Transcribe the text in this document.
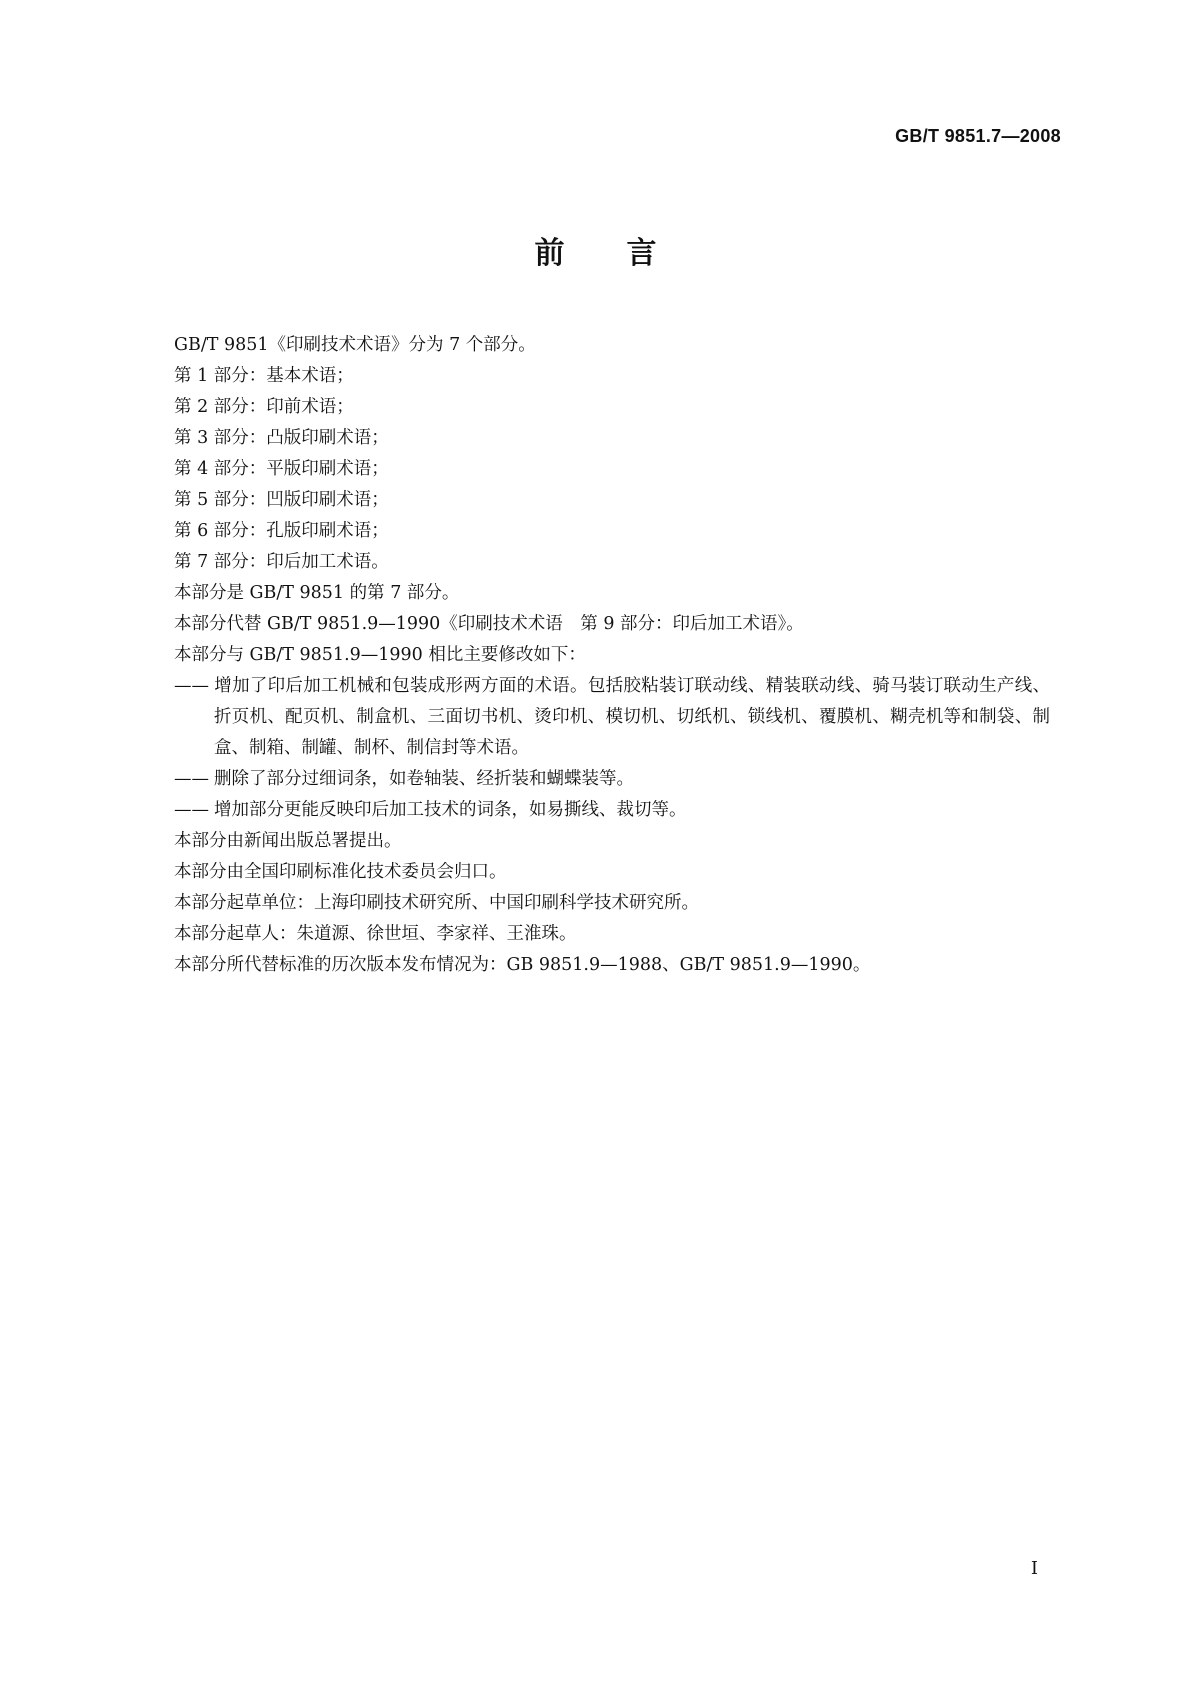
GB/T 9851.7—2008
前言

GB/T 9851《印刷技术术语》分为 7 个部分。

第 1 部分：基本术语；

第 2 部分：印前术语；

第 3 部分：凸版印刷术语；

第 4 部分：平版印刷术语；

第 5 部分：凹版印刷术语；

第 6 部分：孔版印刷术语；

第 7 部分：印后加工术语。

本部分是 GB/T 9851 的第 7 部分。

本部分代替 GB/T 9851.9—1990《印刷技术术语　第 9 部分：印后加工术语》。

本部分与 GB/T 9851.9—1990 相比主要修改如下：

—— 增加了印后加工机械和包装成形两方面的术语。包括胶粘装订联动线、精装联动线、骑马装订联动生产线、折页机、配页机、制盒机、三面切书机、烫印机、模切机、切纸机、锁线机、覆膜机、糊壳机等和制袋、制盒、制箱、制罐、制杯、制信封等术语。

—— 删除了部分过细词条，如卷轴装、经折装和蝴蝶装等。

—— 增加部分更能反映印后加工技术的词条，如易撕线、裁切等。

本部分由新闻出版总署提出。

本部分由全国印刷标准化技术委员会归口。

本部分起草单位：上海印刷技术研究所、中国印刷科学技术研究所。

本部分起草人：朱道源、徐世垣、李家祥、王淮珠。

本部分所代替标准的历次版本发布情况为：GB 9851.9—1988、GB/T 9851.9—1990。

I
